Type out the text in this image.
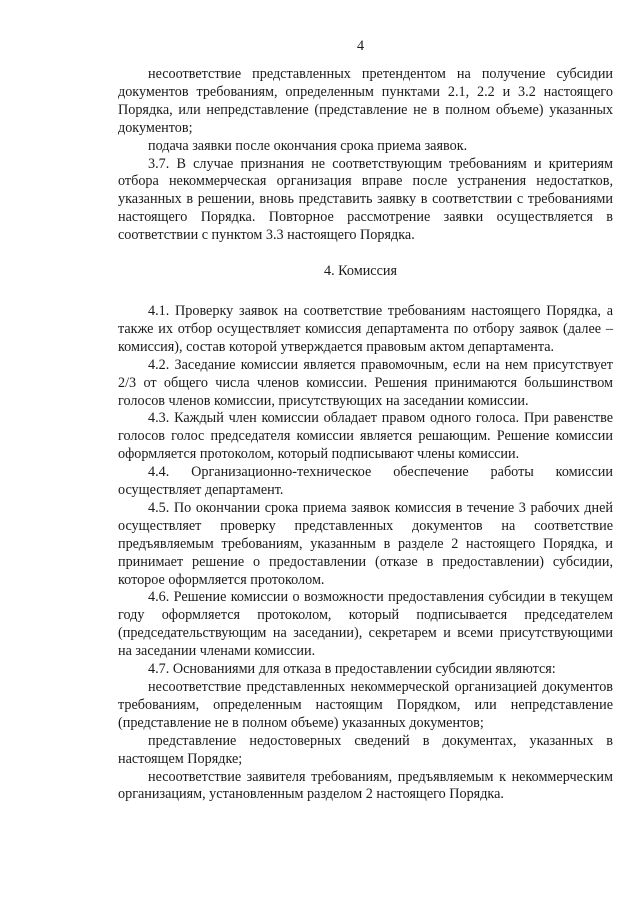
4

несоответствие представленных претендентом на получение субсидии документов требованиям, определенным пунктами 2.1, 2.2 и 3.2 настоящего Порядка, или непредставление (представление не в полном объеме) указанных документов;

подача заявки после окончания срока приема заявок.

3.7. В случае признания не соответствующим требованиям и критериям отбора некоммерческая организация вправе после устранения недостатков, указанных в решении, вновь представить заявку в соответствии с требованиями настоящего Порядка. Повторное рассмотрение заявки осуществляется в соответствии с пунктом 3.3 настоящего Порядка.

4. Комиссия

4.1. Проверку заявок на соответствие требованиям настоящего Порядка, а также их отбор осуществляет комиссия департамента по отбору заявок (далее – комиссия), состав которой утверждается правовым актом департамента.

4.2. Заседание комиссии является правомочным, если на нем присутствует 2/3 от общего числа членов комиссии. Решения принимаются большинством голосов членов комиссии, присутствующих на заседании комиссии.

4.3. Каждый член комиссии обладает правом одного голоса. При равенстве голосов голос председателя комиссии является решающим. Решение комиссии оформляется протоколом, который подписывают члены комиссии.

4.4. Организационно-техническое обеспечение работы комиссии осуществляет департамент.

4.5. По окончании срока приема заявок комиссия в течение 3 рабочих дней осуществляет проверку представленных документов на соответствие предъявляемым требованиям, указанным в разделе 2 настоящего Порядка, и принимает решение о предоставлении (отказе в предоставлении) субсидии, которое оформляется протоколом.

4.6. Решение комиссии о возможности предоставления субсидии в текущем году оформляется протоколом, который подписывается председателем (председательствующим на заседании), секретарем и всеми присутствующими на заседании членами комиссии.

4.7. Основаниями для отказа в предоставлении субсидии являются:

несоответствие представленных некоммерческой организацией документов требованиям, определенным настоящим Порядком, или непредставление (представление не в полном объеме) указанных документов;

представление недостоверных сведений в документах, указанных в настоящем Порядке;

несоответствие заявителя требованиям, предъявляемым к некоммерческим организациям, установленным разделом 2 настоящего Порядка.
